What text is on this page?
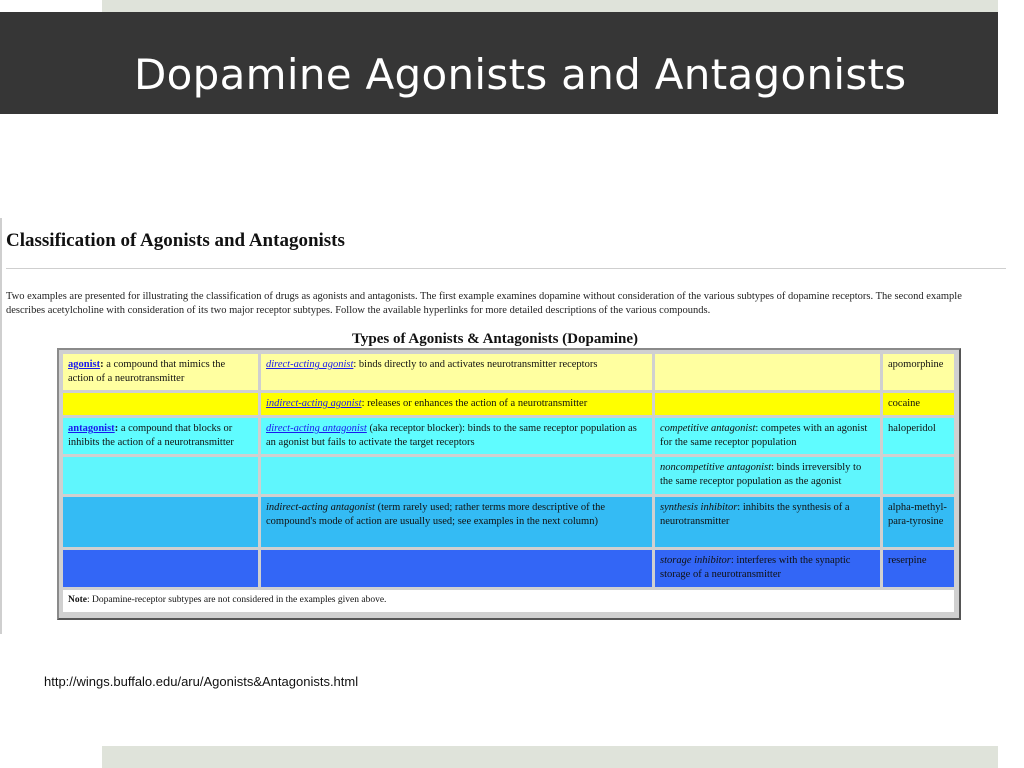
Dopamine Agonists and Antagonists
Classification of Agonists and Antagonists
Two examples are presented for illustrating the classification of drugs as agonists and antagonists. The first example examines dopamine without consideration of the various subtypes of dopamine receptors. The second example describes acetylcholine with consideration of its two major receptor subtypes. Follow the available hyperlinks for more detailed descriptions of the various compounds.
Types of Agonists & Antagonists (Dopamine)
agonist: a compound that mimics the action of a neurotransmitter
direct-acting agonist: binds directly to and activates neurotransmitter receptors	apomorphine
indirect-acting agonist: releases or enhances the action of a neurotransmitter	cocaine
antagonist: a compound that blocks or inhibits the action of a neurotransmitter
direct-acting antagonist (aka receptor blocker): binds to the same receptor population as an agonist but fails to activate the target receptors
competitive antagonist: competes with an agonist for the same receptor population
haloperidol
noncompetitive antagonist: binds irreversibly to the same receptor population as the agonist
indirect-acting antagonist (term rarely used; rather terms more descriptive of the compound's mode of action are usually used; see examples in the next column)
synthesis inhibitor: inhibits the synthesis of a neurotransmitter
alpha-methyl-para-tyrosine
storage inhibitor: interferes with the synaptic storage of a neurotransmitter
reserpine
Note: Dopamine-receptor subtypes are not considered in the examples given above.
http://wings.buffalo.edu/aru/Agonists&Antagonists.html
